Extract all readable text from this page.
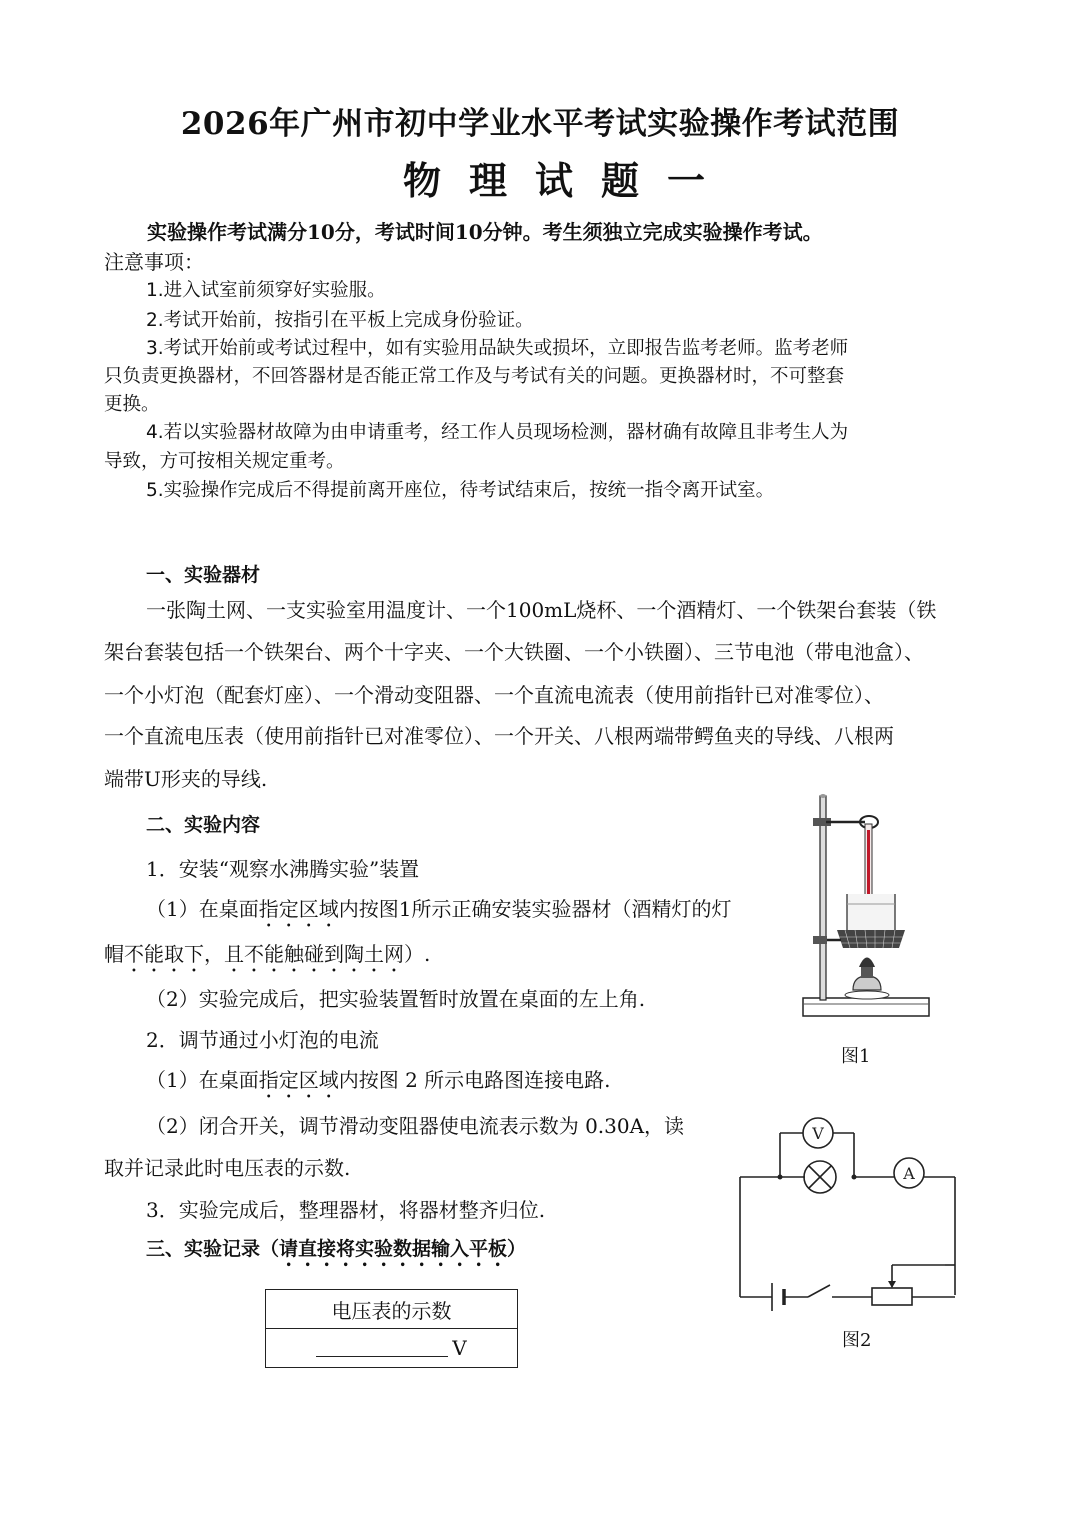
2026年广州市初中学业水平考试实验操作考试范围
物理试题一
实验操作考试满分10分，考试时间10分钟。考生须独立完成实验操作考试。
注意事项：
1.进入试室前须穿好实验服。
2.考试开始前，按指引在平板上完成身份验证。
3.考试开始前或考试过程中，如有实验用品缺失或损坏，立即报告监考老师。监考老师
只负责更换器材，不回答器材是否能正常工作及与考试有关的问题。更换器材时，不可整套
更换。
4.若以实验器材故障为由申请重考，经工作人员现场检测，器材确有故障且非考生人为
导致，方可按相关规定重考。
5.实验操作完成后不得提前离开座位，待考试结束后，按统一指令离开试室。
一、实验器材
一张陶土网、一支实验室用温度计、一个100mL烧杯、一个酒精灯、一个铁架台套装（铁
架台套装包括一个铁架台、两个十字夹、一个大铁圈、一个小铁圈）、三节电池（带电池盒）、
一个小灯泡（配套灯座）、一个滑动变阻器、一个直流电流表（使用前指针已对准零位）、
一个直流电压表（使用前指针已对准零位）、一个开关、八根两端带鳄鱼夹的导线、八根两
端带U形夹的导线.
二、实验内容
1．安装“观察水沸腾实验”装置
（1）在桌面指定区域内按图1所示正确安装实验器材（酒精灯的灯
帽不能取下，且不能触碰到陶土网）.
（2）实验完成后，把实验装置暂时放置在桌面的左上角.
2．调节通过小灯泡的电流
（1）在桌面指定区域内按图 2 所示电路图连接电路.
（2）闭合开关，调节滑动变阻器使电流表示数为 0.30A，读
取并记录此时电压表的示数.
3．实验完成后，整理器材，将器材整齐归位.
三、实验记录（请直接将实验数据输入平板）
电压表的示数
V
图1
V
A
图2
